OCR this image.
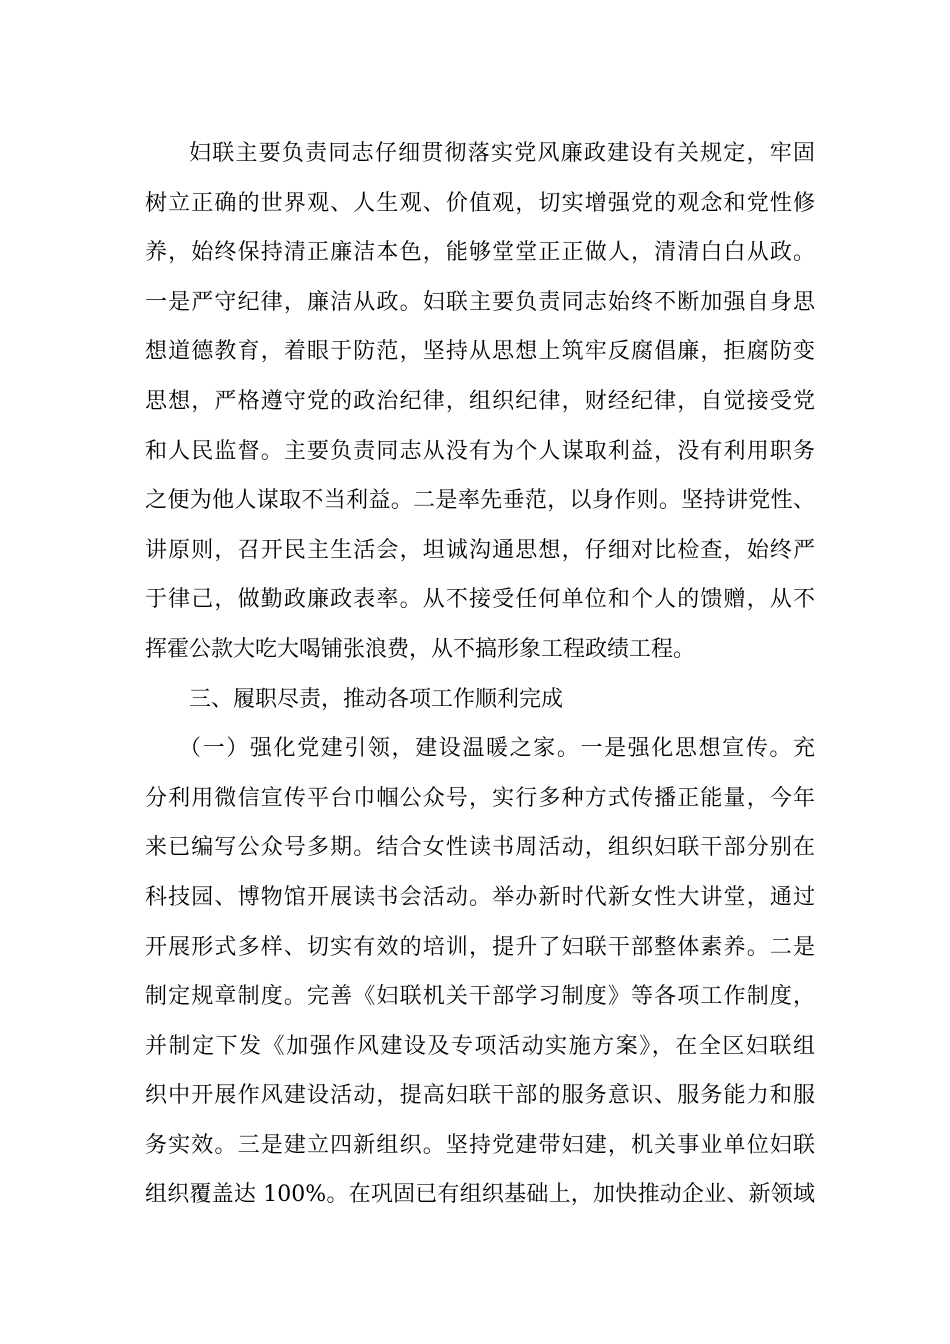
妇联主要负责同志仔细贯彻落实党风廉政建设有关规定，牢固
树立正确的世界观、人生观、价值观，切实增强党的观念和党性修
养，始终保持清正廉洁本色，能够堂堂正正做人，清清白白从政。
一是严守纪律，廉洁从政。妇联主要负责同志始终不断加强自身思
想道德教育，着眼于防范，坚持从思想上筑牢反腐倡廉，拒腐防变
思想，严格遵守党的政治纪律，组织纪律，财经纪律，自觉接受党
和人民监督。主要负责同志从没有为个人谋取利益，没有利用职务
之便为他人谋取不当利益。二是率先垂范，以身作则。坚持讲党性、
讲原则，召开民主生活会，坦诚沟通思想，仔细对比检查，始终严
于律己，做勤政廉政表率。从不接受任何单位和个人的馈赠，从不
挥霍公款大吃大喝铺张浪费，从不搞形象工程政绩工程。
三、履职尽责，推动各项工作顺利完成
（一）强化党建引领，建设温暖之家。一是强化思想宣传。充
分利用微信宣传平台巾帼公众号，实行多种方式传播正能量，今年
来已编写公众号多期。结合女性读书周活动，组织妇联干部分别在
科技园、博物馆开展读书会活动。举办新时代新女性大讲堂，通过
开展形式多样、切实有效的培训，提升了妇联干部整体素养。二是
制定规章制度。完善《妇联机关干部学习制度》等各项工作制度，
并制定下发《加强作风建设及专项活动实施方案》，在全区妇联组
织中开展作风建设活动，提高妇联干部的服务意识、服务能力和服
务实效。三是建立四新组织。坚持党建带妇建，机关事业单位妇联
组织覆盖达 100%。在巩固已有组织基础上，加快推动企业、新领域
